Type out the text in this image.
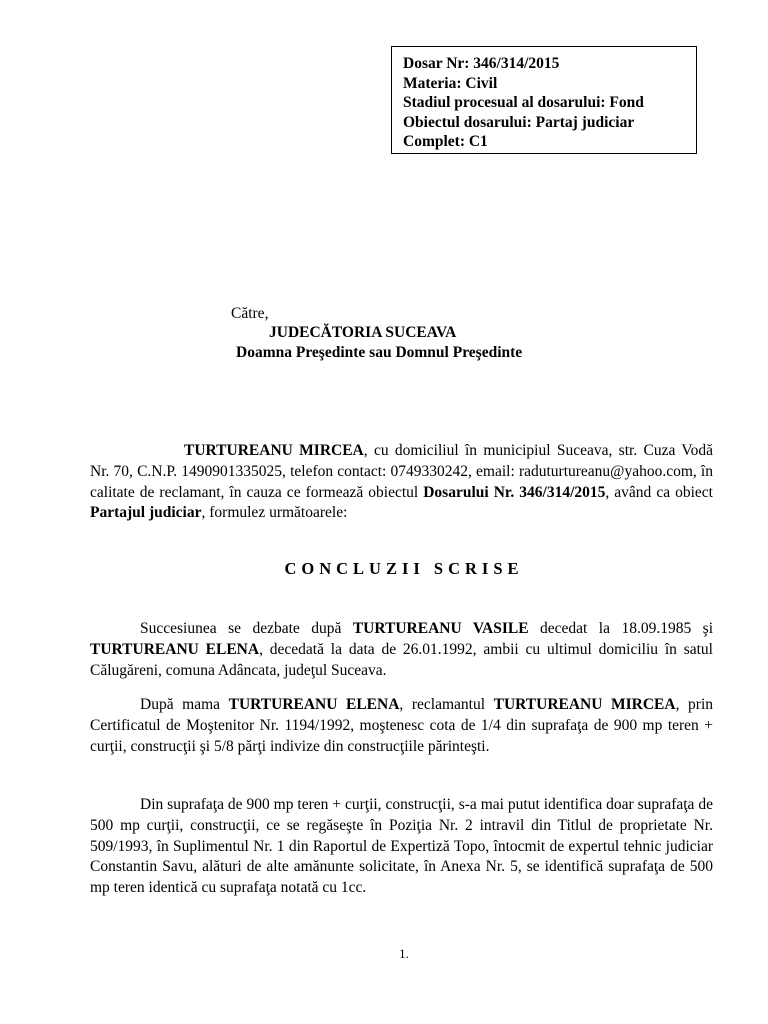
Dosar Nr: 346/314/2015
Materia: Civil
Stadiul procesual al dosarului: Fond
Obiectul dosarului: Partaj judiciar
Complet: C1
Către,
JUDECĂTORIA SUCEAVA
Doamna Preşedinte sau Domnul Preşedinte

TURTUREANU MIRCEA, cu domiciliul în municipiul Suceava, str. Cuza Vodă Nr. 70, C.N.P. 1490901335025, telefon contact: 0749330242, email: raduturtureanu@yahoo.com, în calitate de reclamant, în cauza ce formează obiectul Dosarului Nr. 346/314/2015, având ca obiect Partajul judiciar, formulez următoarele:

CONCLUZII SCRISE

Succesiunea se dezbate după TURTUREANU VASILE decedat la 18.09.1985 şi TURTUREANU ELENA, decedată la data de 26.01.1992, ambii cu ultimul domiciliu în satul Călugăreni, comuna Adâncata, judeţul Suceava.

După mama TURTUREANU ELENA, reclamantul TURTUREANU MIRCEA, prin Certificatul de Moştenitor Nr. 1194/1992, moştenesc cota de 1/4 din suprafaţa de 900 mp teren + curţii, construcţii şi 5/8 părţi indivize din construcţiile părinteşti.

Din suprafaţa de 900 mp teren + curţii, construcţii, s-a mai putut identifica doar suprafaţa de 500 mp curţii, construcţii, ce se regăseşte în Poziţia Nr. 2 intravil din Titlul de proprietate Nr. 509/1993, în Suplimentul Nr. 1 din Raportul de Expertiză Topo, întocmit de expertul tehnic judiciar Constantin Savu, alături de alte amănunte solicitate, în Anexa Nr. 5, se identifică suprafaţa de 500 mp teren identică cu suprafaţa notată cu 1cc.

1.
